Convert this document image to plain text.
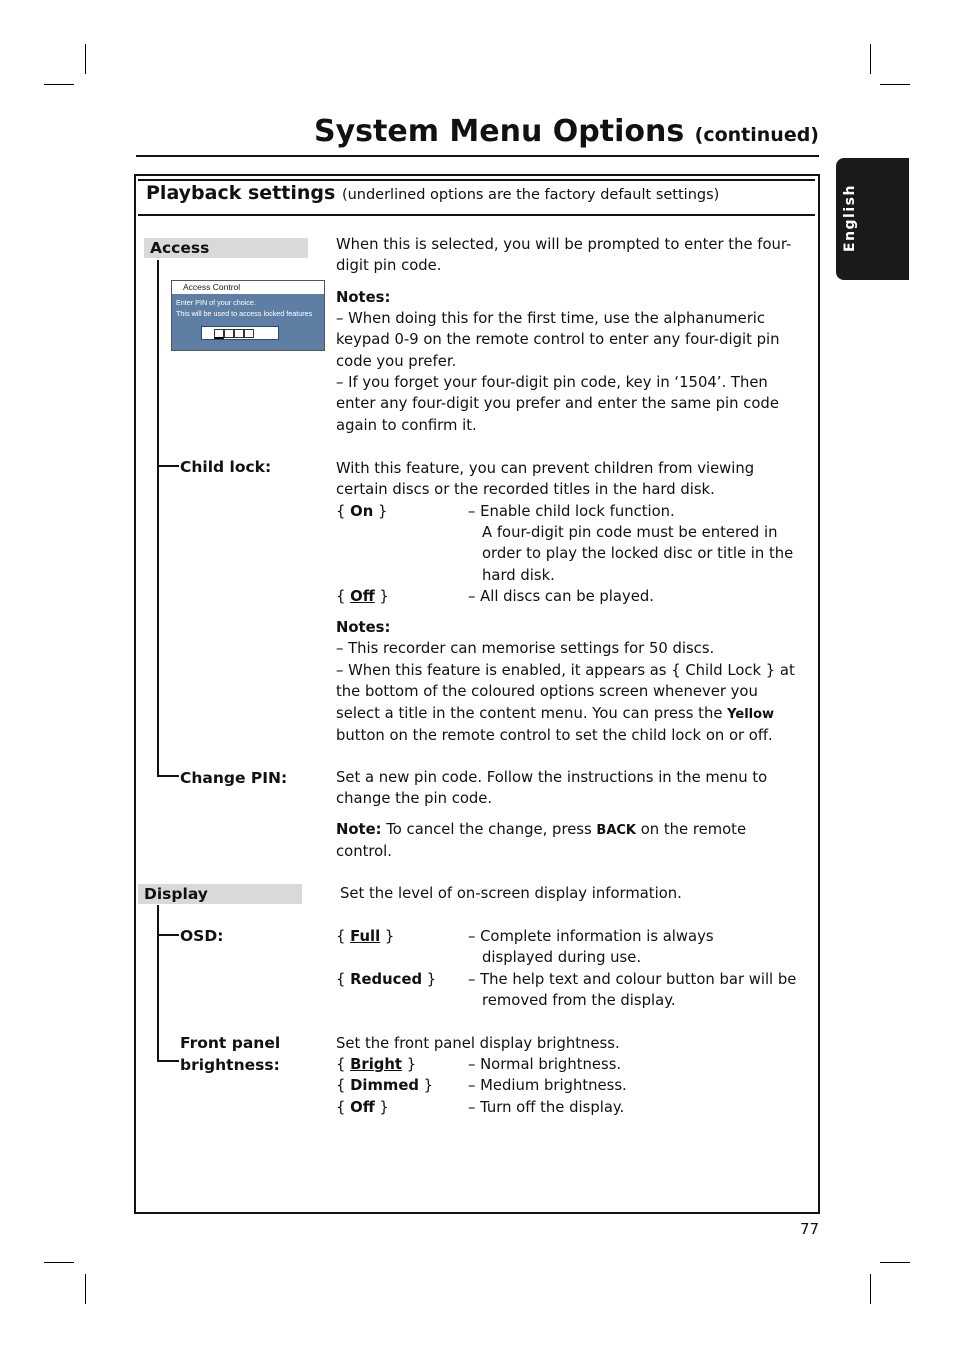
System Menu Options (continued)
English
Playback settings (underlined options are the factory default settings)
Access
Access Control
Enter PIN of your choice.
This will be used to access locked features
When this is selected, you will be prompted to enter the four-digit pin code.
Notes:
– When doing this for the first time, use the alphanumeric keypad 0-9 on the remote control to enter any four-digit pin code you prefer.
– If you forget your four-digit pin code, key in ‘1504’. Then enter any four-digit you prefer and enter the same pin code again to confirm it.
Child lock:	With this feature, you can prevent children from viewing certain discs or the recorded titles in the hard disk.
{ On }	– Enable child lock function.
A four-digit pin code must be entered in order to play the locked disc or title in the hard disk.
{ Off }	– All discs can be played.
Notes:
– This recorder can memorise settings for 50 discs.
– When this feature is enabled, it appears as { Child Lock } at the bottom of the coloured options screen whenever you select a title in the content menu. You can press the Yellow button on the remote control to set the child lock on or off.
Change PIN:	Set a new pin code. Follow the instructions in the menu to change the pin code.
Note: To cancel the change, press BACK on the remote control.
Display	Set the level of on-screen display information.
OSD:	{ Full }	– Complete information is always displayed during use.
{ Reduced } – The help text and colour button bar will be removed from the display.
Front panel
brightness:
Set the front panel display brightness.
{ Bright }	– Normal brightness.
{ Dimmed } – Medium brightness.
{ Off }	– Turn off the display.
77
